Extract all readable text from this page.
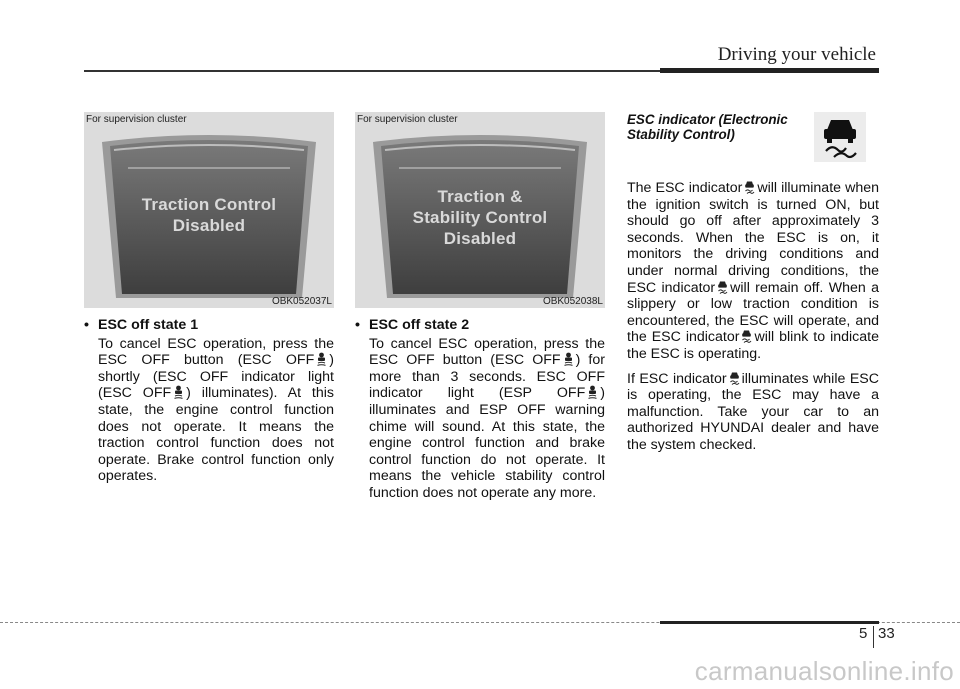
Driving your vehicle
For supervision cluster
Traction Control
Disabled
OBK052037L
For supervision cluster
Traction &
Stability Control
Disabled
OBK052038L
• ESC off state 1
To cancel ESC operation, press the ESC OFF button (ESC OFF ) shortly (ESC OFF indicator light (ESC OFF ) illuminates). At this state, the engine control function does not operate. It means the traction control function does not operate. Brake control function only operates.
• ESC off state 2
To cancel ESC operation, press the ESC OFF button (ESC OFF ) for more than 3 seconds. ESC OFF indicator light (ESP OFF ) illuminates and ESP OFF warning chime will sound. At this state, the engine control function and brake control function do not operate. It means the vehicle stability control function does not operate any more.
ESC indicator (Electronic Stability Control)
The ESC indicator will illuminate when the ignition switch is turned ON, but should go off after approximately 3 seconds. When the ESC is on, it monitors the driving conditions and under normal driving conditions, the ESC indicator will remain off. When a slippery or low traction condition is encountered, the ESC will operate, and the ESC indicator will blink to indicate the ESC is operating.
If ESC indicator illuminates while ESC is operating, the ESC may have a malfunction. Take your car to an authorized HYUNDAI dealer and have the system checked.
5 33
carmanualsonline.info
